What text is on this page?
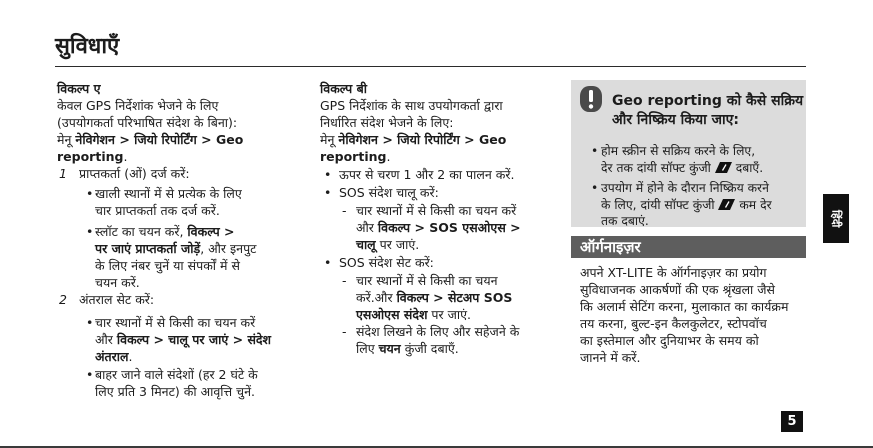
सुविधाएँ
विकल्प ए
केवल GPS निर्देशांक भेजने के लिए
(उपयोगकर्ता परिभाषित संदेश के बिना):
मेनू नेविगेशन > जियो रिपोर्टिंग > Geo
reporting.
1 प्राप्तकर्ता (ओं) दर्ज करें:
• खाली स्थानों में से प्रत्येक के लिए
चार प्राप्तकर्ता तक दर्ज करें.
• स्लॉट का चयन करें, विकल्प >
पर जाएं प्राप्तकर्ता जोड़ें, और इनपुट
के लिए नंबर चुनें या संपर्कों में से
चयन करें.
2 अंतराल सेट करें:
• चार स्थानों में से किसी का चयन करें
और विकल्प > चालू पर जाएं > संदेश
अंतराल.
• बाहर जाने वाले संदेशों (हर 2 घंटे के
लिए प्रति 3 मिनट) की आवृत्ति चुनें.
विकल्प बी
GPS निर्देशांक के साथ उपयोगकर्ता द्वारा
निर्धारित संदेश भेजने के लिए:
मेनू नेविगेशन > जियो रिपोर्टिंग > Geo
reporting.
• ऊपर से चरण 1 और 2 का पालन करें.
• SOS संदेश चालू करें:
- चार स्थानों में से किसी का चयन करें
और विकल्प > SOS एसओएस >
चालू पर जाएं.
• SOS संदेश सेट करें:
- चार स्थानों में से किसी का चयन
करें.और विकल्प > सेटअप SOS
एसओएस संदेश पर जाएं.
- संदेश लिखने के लिए और सहेजने के
लिए चयन कुंजी दबाएँ.
Geo reporting को कैसे सक्रिय
और निष्क्रिय किया जाए:
• होम स्क्रीन से सक्रिय करने के लिए,
देर तक दांयी सॉफ्ट कुंजी
दबाएँ.
• उपयोग में होने के दौरान निष्क्रिय करने
के लिए, दांयी सॉफ्ट कुंजी
कम देर
तक दबाएं.
ऑर्गनाइज़र
अपने XT-LITE के ऑर्गनाइज़र का प्रयोग
सुविधाजनक आकर्षणों की एक श्रृंखला जैसे
कि अलार्म सेटिंग करना, मुलाकात का कार्यक्रम
तय करना, बुल्ट-इन कैलकुलेटर, स्टोपवॉच
का इस्तेमाल और दुनियाभर के समय को
जानने में करें.
हिंदी
5
